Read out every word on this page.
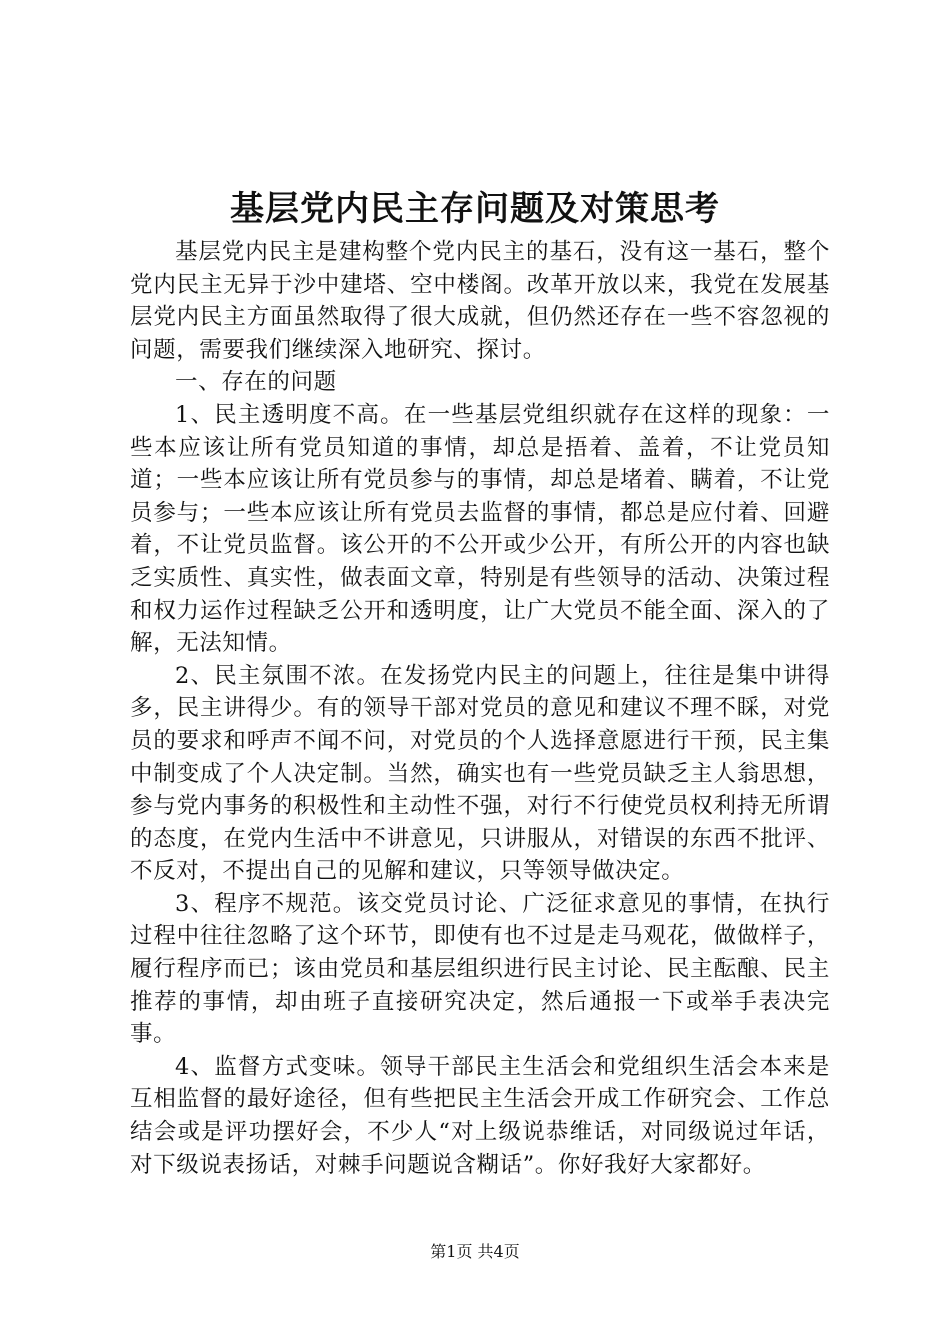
基层党内民主存问题及对策思考

基层党内民主是建构整个党内民主的基石，没有这一基石，整个党内民主无异于沙中建塔、空中楼阁。改革开放以来，我党在发展基层党内民主方面虽然取得了很大成就，但仍然还存在一些不容忽视的问题，需要我们继续深入地研究、探讨。

一、存在的问题

1、民主透明度不高。在一些基层党组织就存在这样的现象：一些本应该让所有党员知道的事情，却总是捂着、盖着，不让党员知道；一些本应该让所有党员参与的事情，却总是堵着、瞒着，不让党员参与；一些本应该让所有党员去监督的事情，都总是应付着、回避着，不让党员监督。该公开的不公开或少公开，有所公开的内容也缺乏实质性、真实性，做表面文章，特别是有些领导的活动、决策过程和权力运作过程缺乏公开和透明度，让广大党员不能全面、深入的了解，无法知情。

2、民主氛围不浓。在发扬党内民主的问题上，往往是集中讲得多，民主讲得少。有的领导干部对党员的意见和建议不理不睬，对党员的要求和呼声不闻不问，对党员的个人选择意愿进行干预，民主集中制变成了个人决定制。当然，确实也有一些党员缺乏主人翁思想，参与党内事务的积极性和主动性不强，对行不行使党员权利持无所谓的态度，在党内生活中不讲意见，只讲服从，对错误的东西不批评、不反对，不提出自己的见解和建议，只等领导做决定。

3、程序不规范。该交党员讨论、广泛征求意见的事情，在执行过程中往往忽略了这个环节，即使有也不过是走马观花，做做样子，履行程序而已；该由党员和基层组织进行民主讨论、民主酝酿、民主推荐的事情，却由班子直接研究决定，然后通报一下或举手表决完事。

4、监督方式变味。领导干部民主生活会和党组织生活会本来是互相监督的最好途径，但有些把民主生活会开成工作研究会、工作总结会或是评功摆好会，不少人“对上级说恭维话，对同级说过年话，对下级说表扬话，对棘手问题说含糊话”。你好我好大家都好。

第1页 共4页
